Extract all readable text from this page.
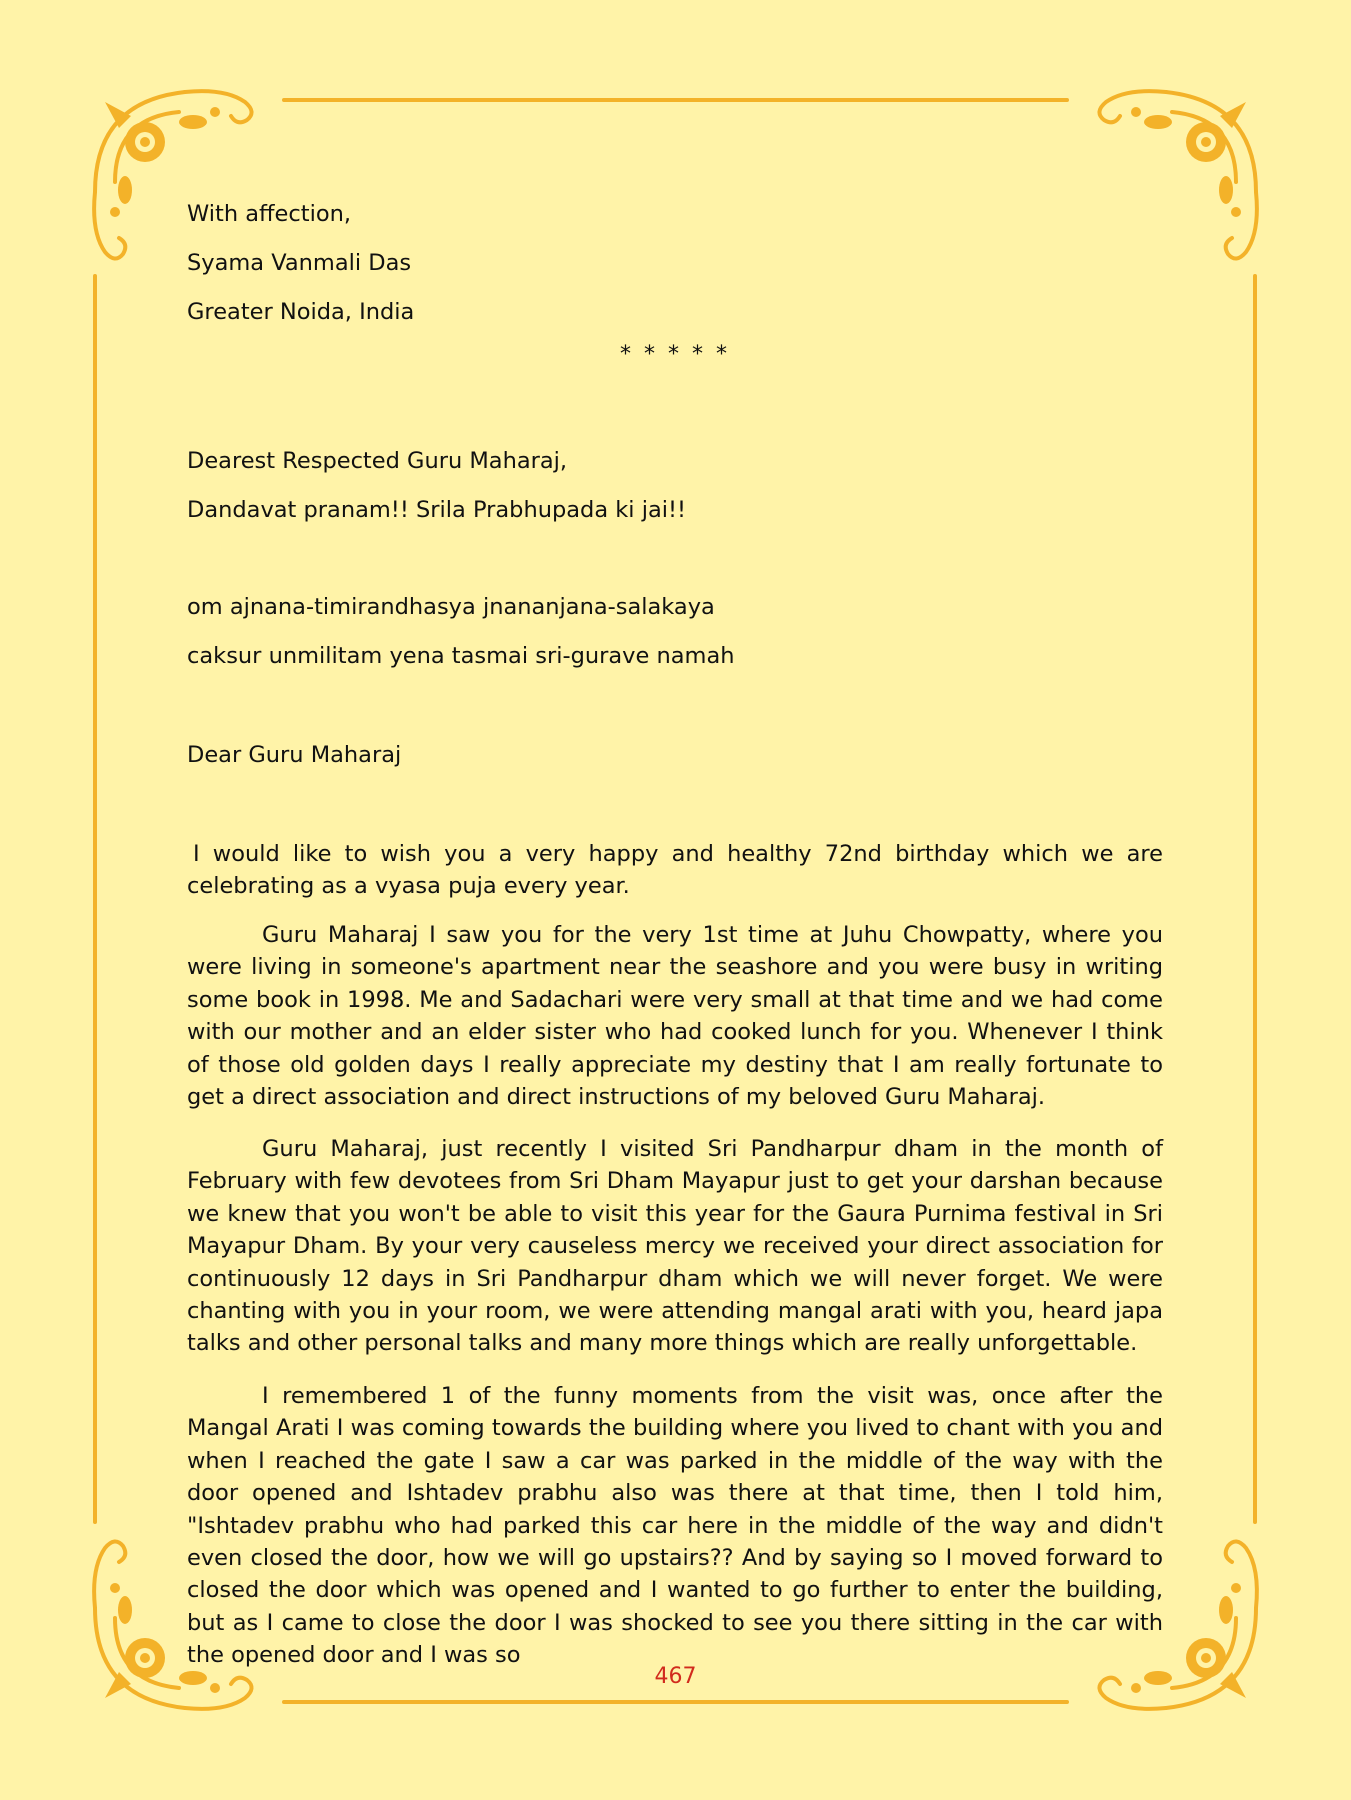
With affection,

Syama Vanmali Das

Greater Noida, India

* * * * *

Dearest Respected Guru Maharaj,

Dandavat pranam!! Srila Prabhupada ki jai!!

om ajnana-timirandhasya jnananjana-salakaya

caksur unmilitam yena tasmai sri-gurave namah

Dear Guru Maharaj

I would like to wish you a very happy and healthy 72nd birthday which we are celebrating as a vyasa puja every year.

Guru Maharaj I saw you for the very 1st time at Juhu Chowpatty, where you were living in someone's apartment near the seashore and you were busy in writing some book in 1998. Me and Sadachari were very small at that time and we had come with our mother and an elder sister who had cooked lunch for you. Whenever I think of those old golden days I really appreciate my destiny that I am really fortunate to get a direct association and direct instructions of my beloved Guru Maharaj.

Guru Maharaj, just recently I visited Sri Pandharpur dham in the month of February with few devotees from Sri Dham Mayapur just to get your darshan because we knew that you won't be able to visit this year for the Gaura Purnima festival in Sri Mayapur Dham. By your very causeless mercy we received your direct association for continuously 12 days in Sri Pandharpur dham which we will never forget. We were chanting with you in your room, we were attending mangal arati with you, heard japa talks and other personal talks and many more things which are really unforgettable.

I remembered 1 of the funny moments from the visit was, once after the Mangal Arati I was coming towards the building where you lived to chant with you and when I reached the gate I saw a car was parked in the middle of the way with the door opened and Ishtadev prabhu also was there at that time, then I told him, "Ishtadev prabhu who had parked this car here in the middle of the way and didn't even closed the door, how we will go upstairs?? And by saying so I moved forward to closed the door which was opened and I wanted to go further to enter the building, but as I came to close the door I was shocked to see you there sitting in the car with the opened door and I was so

467
